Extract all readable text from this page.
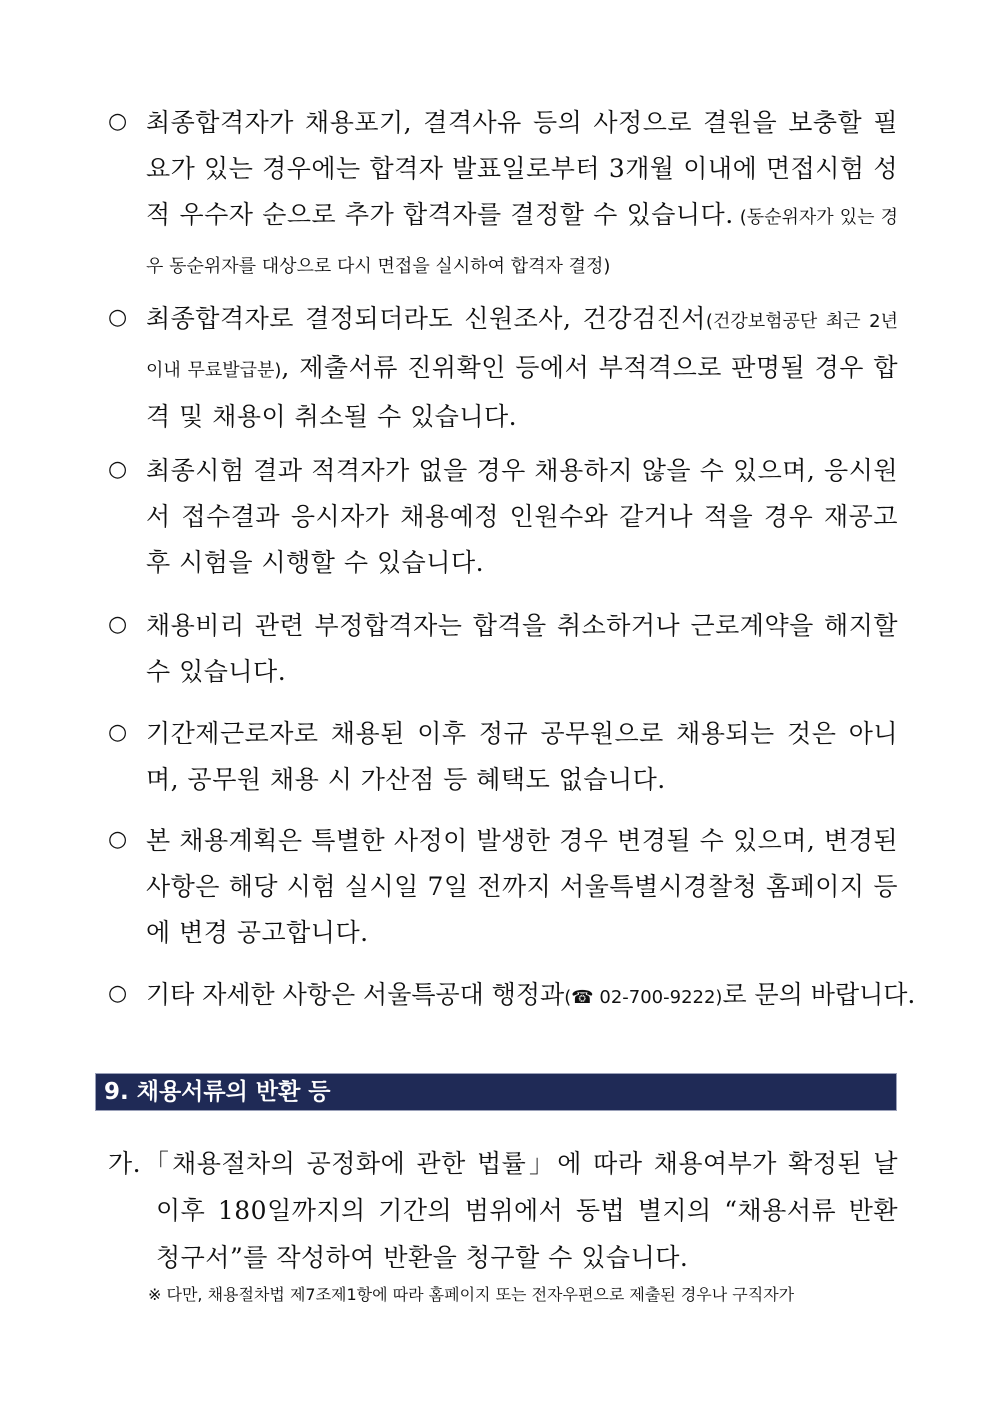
○ 최종합격자가 채용포기, 결격사유 등의 사정으로 결원을 보충할 필요가 있는 경우에는 합격자 발표일로부터 3개월 이내에 면접시험 성적 우수자 순으로 추가 합격자를 결정할 수 있습니다. (동순위자가 있는 경우 동순위자를 대상으로 다시 면접을 실시하여 합격자 결정)
○ 최종합격자로 결정되더라도 신원조사, 건강검진서(건강보험공단 최근 2년 이내 무료발급분), 제출서류 진위확인 등에서 부적격으로 판명될 경우 합격 및 채용이 취소될 수 있습니다.
○ 최종시험 결과 적격자가 없을 경우 채용하지 않을 수 있으며, 응시원서 접수결과 응시자가 채용예정 인원수와 같거나 적을 경우 재공고 후 시험을 시행할 수 있습니다.
○ 채용비리 관련 부정합격자는 합격을 취소하거나 근로계약을 해지할 수 있습니다.
○ 기간제근로자로 채용된 이후 정규 공무원으로 채용되는 것은 아니며, 공무원 채용 시 가산점 등 혜택도 없습니다.
○ 본 채용계획은 특별한 사정이 발생한 경우 변경될 수 있으며, 변경된 사항은 해당 시험 실시일 7일 전까지 서울특별시경찰청 홈페이지 등에 변경 공고합니다.
○ 기타 자세한 사항은 서울특공대 행정과(☎ 02-700-9222)로 문의 바랍니다.
9. 채용서류의 반환 등
가.「채용절차의 공정화에 관한 법률」에 따라 채용여부가 확정된 날 이후 180일까지의 기간의 범위에서 동법 별지의 “채용서류 반환 청구서”를 작성하여 반환을 청구할 수 있습니다.
※ 다만, 채용절차법 제7조제1항에 따라 홈페이지 또는 전자우편으로 제출된 경우나 구직자가
